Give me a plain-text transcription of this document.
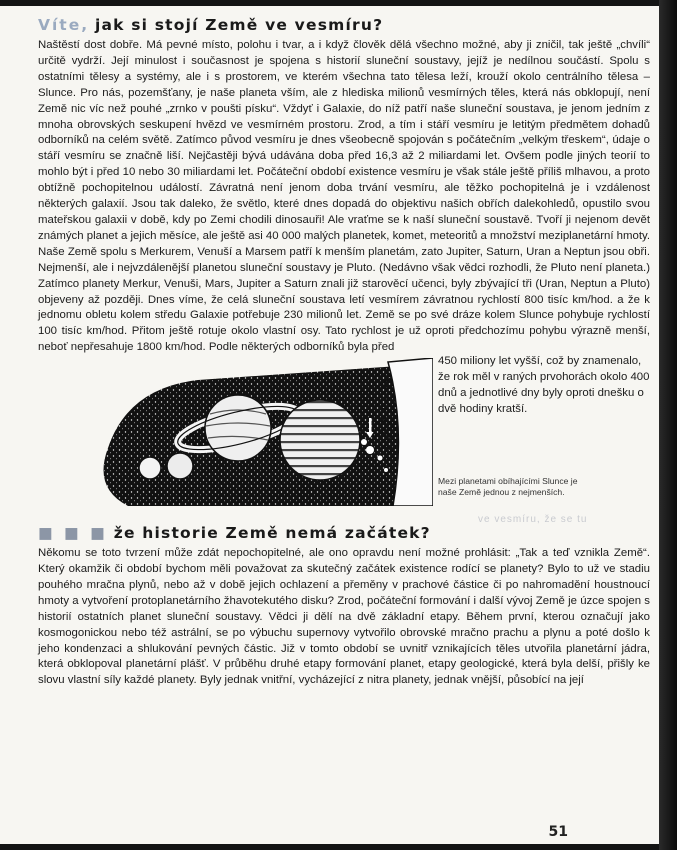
Víte, jak si stojí Země ve vesmíru?

Naštěstí dost dobře. Má pevné místo, polohu i tvar, a i když člověk dělá všechno možné, aby ji zničil, tak ještě „chvíli“ určitě vydrží. Její minulost i současnost je spojena s historií sluneční soustavy, jejíž je nedílnou součástí. Spolu s ostatními tělesy a systémy, ale i s prostorem, ve kterém všechna tato tělesa leží, krouží okolo centrálního tělesa – Slunce. Pro nás, pozemšťany, je naše planeta vším, ale z hlediska milionů vesmírných těles, která nás obklopují, není Země nic víc než pouhé „zrnko v poušti písku“. Vždyť i Galaxie, do níž patří naše sluneční soustava, je jenom jedním z mnoha obrovských seskupení hvězd ve vesmírném prostoru. Zrod, a tím i stáří vesmíru je letitým předmětem dohadů odborníků na celém světě. Zatímco původ vesmíru je dnes všeobecně spojován s počátečním „velkým třeskem“, údaje o stáří vesmíru se značně liší. Nejčastěji bývá udávána doba před 16,3 až 2 miliardami let. Ovšem podle jiných teorií to mohlo být i před 10 nebo 30 miliardami let. Počáteční období existence vesmíru je však stále ještě příliš mlhavou, a proto obtížně pochopitelnou událostí. Závratná není jenom doba trvání vesmíru, ale těžko pochopitelná je i vzdálenost některých galaxií. Jsou tak daleko, že světlo, které dnes dopadá do objektivu našich obřích dalekohledů, opustilo svou mateřskou galaxii v době, kdy po Zemi chodili dinosauři! Ale vraťme se k naší sluneční soustavě. Tvoří ji nejenom devět známých planet a jejich měsíce, ale ještě asi 40 000 malých planetek, komet, meteoritů a množství meziplanetární hmoty. Naše Země spolu s Merkurem, Venuší a Marsem patří k menším planetám, zato Jupiter, Saturn, Uran a Neptun jsou obři. Nejmenší, ale i nejvzdálenější planetou sluneční soustavy je Pluto. (Nedávno však vědci rozhodli, že Pluto není planeta.) Zatímco planety Merkur, Venuši, Mars, Jupiter a Saturn znali již starověcí učenci, byly zbývající tři (Uran, Neptun a Pluto) objeveny až později. Dnes víme, že celá sluneční soustava letí vesmírem závratnou rychlostí 800 tisíc km/hod. a že k jednomu obletu kolem středu Galaxie potřebuje 230 milionů let. Země se po své dráze kolem Slunce pohybuje rychlostí 100 tisíc km/hod. Přitom ještě rotuje okolo vlastní osy. Tato rychlost je už oproti předchozímu pohybu výrazně menší, neboť nepřesahuje 1800 km/hod. Podle některých odborníků byla před

450 miliony let vyšší, což by znamenalo, že rok měl v raných prvohorách okolo 400 dnů a jednotlivé dny byly oproti dnešku o dvě hodiny kratší.

Mezi planetami obíhajícími Slunce je naše Země jednou z nejmenších.
ve vesmíru, že se tu
■ ■ ■ že historie Země nemá začátek?

Někomu se toto tvrzení může zdát nepochopitelné, ale ono opravdu není možné prohlásit: „Tak a teď vznikla Země“. Který okamžik či období bychom měli považovat za skutečný začátek existence rodící se planety? Bylo to už ve stadiu pouhého mračna plynů, nebo až v době jejich ochlazení a přeměny v prachové částice či po nahromadění houstnoucí hmoty a vytvoření protoplanetárního žhavotekutého disku? Zrod, počáteční formování i další vývoj Země je úzce spojen s historií ostatních planet sluneční soustavy. Vědci ji dělí na dvě základní etapy. Během první, kterou označují jako kosmogonickou nebo též astrální, se po výbuchu supernovy vytvořilo obrovské mračno prachu a plynu a poté došlo k jeho kondenzaci a shlukování pevných částic. Již v tomto období se uvnitř vznikajících těles utvořila planetární jádra, která obklopoval planetární plášť. V průběhu druhé etapy formování planet, etapy geologické, která byla delší, přišly ke slovu vlastní síly každé planety. Byly jednak vnitřní, vycházející z nitra planety, jednak vnější, působící na její

51
